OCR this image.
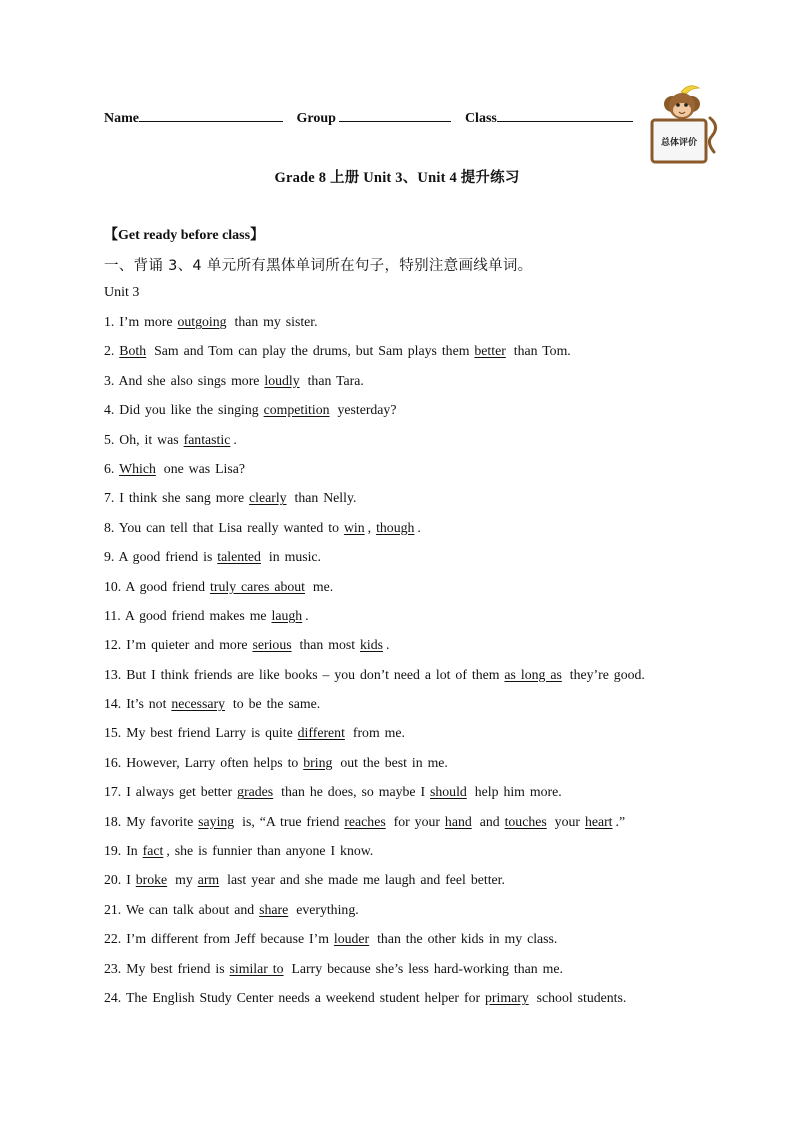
Name	Group	Class
总体评价
Grade 8 上册 Unit 3、Unit 4 提升练习
【Get ready before class】
一、背诵 3、4 单元所有黑体单词所在句子，特别注意画线单词。
Unit 3
1. I’m more outgoing than my sister.
2. Both Sam and Tom can play the drums, but Sam plays them better than Tom.
3. And she also sings more loudly than Tara.
4. Did you like the singing competition yesterday?
5. Oh, it was fantastic .
6. Which one was Lisa?
7. I think she sang more clearly than Nelly.
8. You can tell that Lisa really wanted to win , though .
9. A good friend is talented in music.
10. A good friend truly cares about me.
11. A good friend makes me laugh .
12. I’m quieter and more serious than most kids .
13. But I think friends are like books – you don’t need a lot of them as long as they’re good.
14. It’s not necessary to be the same.
15. My best friend Larry is quite different from me.
16. However, Larry often helps to bring out the best in me.
17. I always get better grades than he does, so maybe I should help him more.
18. My favorite saying is, “A true friend reaches for your hand and touches your heart .”
19. In fact , she is funnier than anyone I know.
20. I broke my arm last year and she made me laugh and feel better.
21. We can talk about and share everything.
22. I’m different from Jeff because I’m louder than the other kids in my class.
23. My best friend is similar to Larry because she’s less hard-working than me.
24. The English Study Center needs a weekend student helper for primary school students.
